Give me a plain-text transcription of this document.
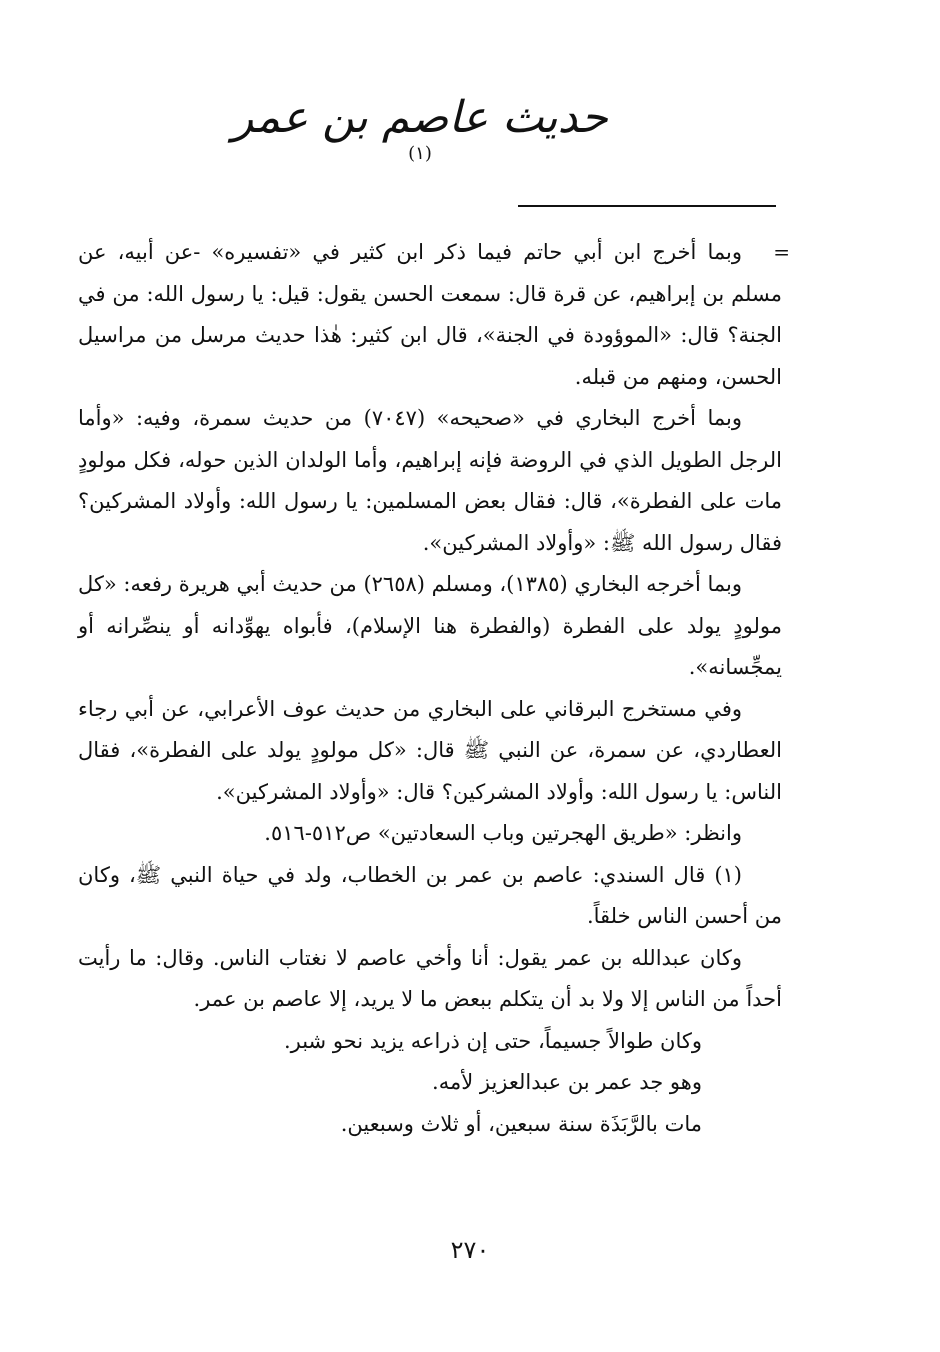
حديث عاصم بن عمر (١)
=

وبما أخرج ابن أبي حاتم فيما ذكر ابن كثير في «تفسيره» -عن أبيه، عن مسلم بن إبراهيم، عن قرة قال: سمعت الحسن يقول: قيل: يا رسول الله: من في الجنة؟ قال: «الموؤودة في الجنة»، قال ابن كثير: هٰذا حديث مرسل من مراسيل الحسن، ومنهم من قبله.

وبما أخرج البخاري في «صحيحه» (٧٠٤٧) من حديث سمرة، وفيه: «وأما الرجل الطويل الذي في الروضة فإنه إبراهيم، وأما الولدان الذين حوله، فكل مولودٍ مات على الفطرة»، قال: فقال بعض المسلمين: يا رسول الله: وأولاد المشركين؟ فقال رسول الله ﷺ: «وأولاد المشركين».

وبما أخرجه البخاري (١٣٨٥)، ومسلم (٢٦٥٨) من حديث أبي هريرة رفعه: «كل مولودٍ يولد على الفطرة (والفطرة هنا الإسلام)، فأبواه يهوِّدانه أو ينصِّرانه أو يمجِّسانه».

وفي مستخرج البرقاني على البخاري من حديث عوف الأعرابي، عن أبي رجاء العطاردي، عن سمرة، عن النبي ﷺ قال: «كل مولودٍ يولد على الفطرة»، فقال الناس: يا رسول الله: وأولاد المشركين؟ قال: «وأولاد المشركين».

وانظر: «طريق الهجرتين وباب السعادتين» ص٥١٢-٥١٦.

(١) قال السندي: عاصم بن عمر بن الخطاب، ولد في حياة النبي ﷺ، وكان من أحسن الناس خلقاً.

وكان عبدالله بن عمر يقول: أنا وأخي عاصم لا نغتاب الناس. وقال: ما رأيت أحداً من الناس إلا ولا بد أن يتكلم ببعض ما لا يريد، إلا عاصم بن عمر.

وكان طوالاً جسيماً، حتى إن ذراعه يزيد نحو شبر.

وهو جد عمر بن عبدالعزيز لأمه.

مات بالرَّبَذَة سنة سبعين، أو ثلاث وسبعين.

٢٧٠
